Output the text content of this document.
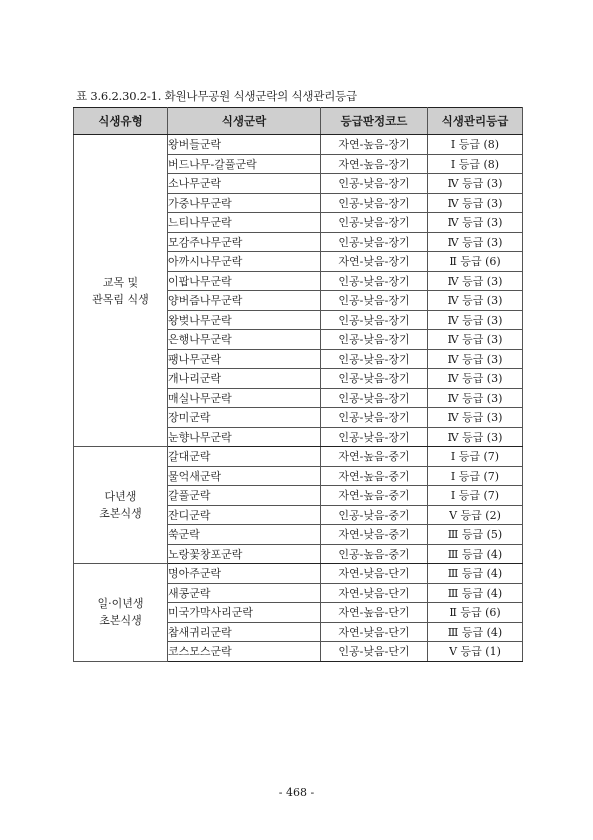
표 3.6.2.30.2-1. 화원나무공원 식생군락의 식생관리등급
식생유형	식생군락	등급판정코드	식생관리등급

교목 및
관목림 식생	왕버들군락	자연-높음-장기	Ⅰ 등급 (8)
	버드나무-갈풀군락	자연-높음-장기	Ⅰ 등급 (8)
	소나무군락	인공-낮음-장기	Ⅳ 등급 (3)
	가중나무군락	인공-낮음-장기	Ⅳ 등급 (3)
	느티나무군락	인공-낮음-장기	Ⅳ 등급 (3)
	모감주나무군락	인공-낮음-장기	Ⅳ 등급 (3)
	아까시나무군락	자연-낮음-장기	Ⅱ 등급 (6)
	이팝나무군락	인공-낮음-장기	Ⅳ 등급 (3)
	양버즘나무군락	인공-낮음-장기	Ⅳ 등급 (3)
	왕벚나무군락	인공-낮음-장기	Ⅳ 등급 (3)
	은행나무군락	인공-낮음-장기	Ⅳ 등급 (3)
	팽나무군락	인공-낮음-장기	Ⅳ 등급 (3)
	개나리군락	인공-낮음-장기	Ⅳ 등급 (3)
	매실나무군락	인공-낮음-장기	Ⅳ 등급 (3)
	장미군락	인공-낮음-장기	Ⅳ 등급 (3)
	눈향나무군락	인공-낮음-장기	Ⅳ 등급 (3)

다년생
초본식생	갈대군락	자연-높음-중기	Ⅰ 등급 (7)
	물억새군락	자연-높음-중기	Ⅰ 등급 (7)
	갈풀군락	자연-높음-중기	Ⅰ 등급 (7)
	잔디군락	인공-낮음-중기	Ⅴ 등급 (2)
	쑥군락	자연-낮음-중기	Ⅲ 등급 (5)
	노랑꽃창포군락	인공-높음-중기	Ⅲ 등급 (4)

일·이년생
초본식생	명아주군락	자연-낮음-단기	Ⅲ 등급 (4)
	새콩군락	자연-낮음-단기	Ⅲ 등급 (4)
	미국가막사리군락	자연-높음-단기	Ⅱ 등급 (6)
	참새귀리군락	자연-낮음-단기	Ⅲ 등급 (4)
	코스모스군락	인공-낮음-단기	Ⅴ 등급 (1)
- 468 -
